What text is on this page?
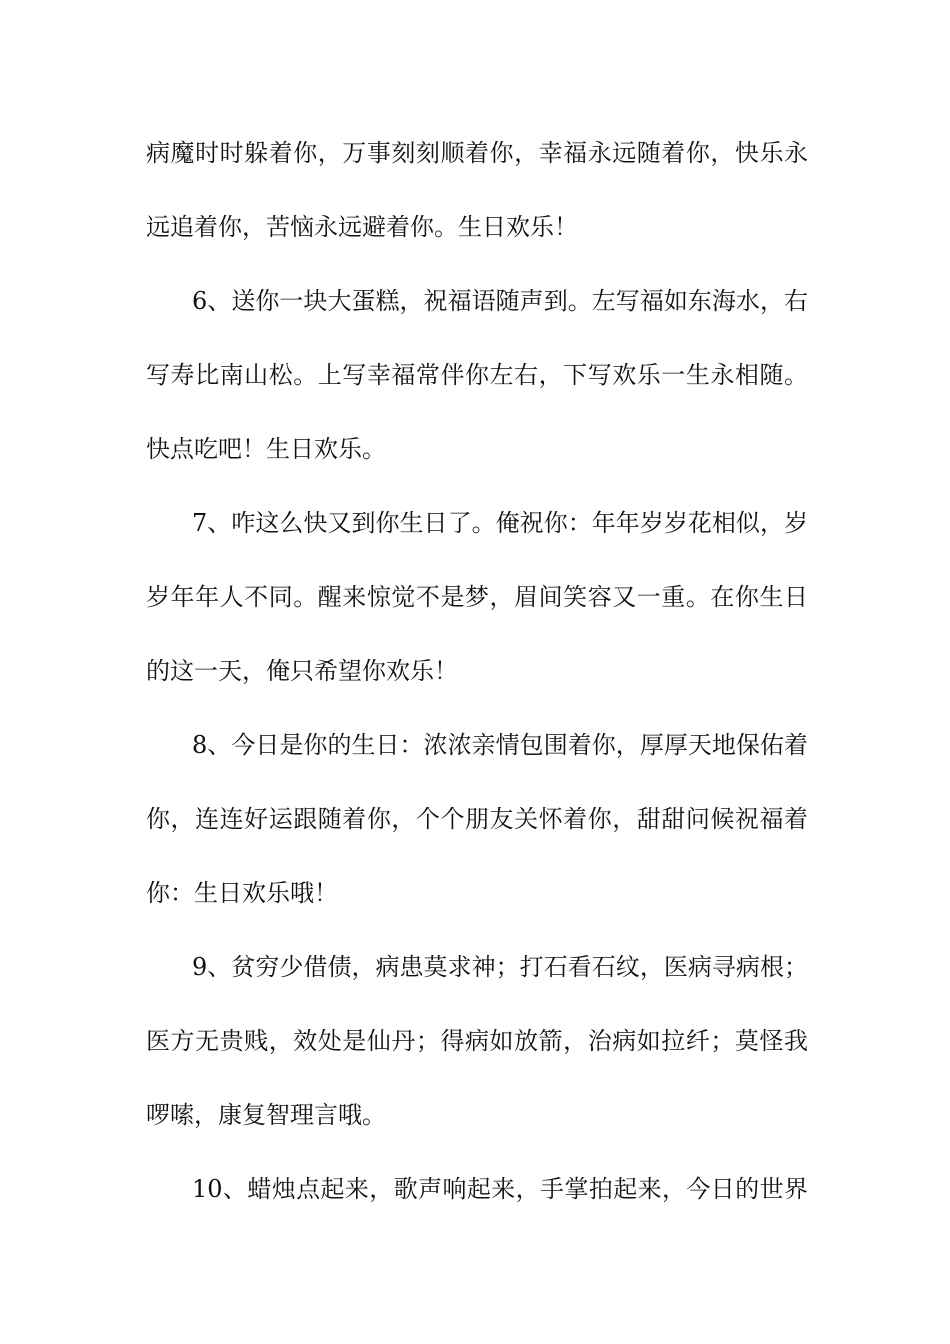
病魔时时躲着你，万事刻刻顺着你，幸福永远随着你，快乐永
远追着你，苦恼永远避着你。生日欢乐！
6、送你一块大蛋糕，祝福语随声到。左写福如东海水，右
写寿比南山松。上写幸福常伴你左右，下写欢乐一生永相随。
快点吃吧！生日欢乐。
7、咋这么快又到你生日了。俺祝你：年年岁岁花相似，岁
岁年年人不同。醒来惊觉不是梦，眉间笑容又一重。在你生日
的这一天，俺只希望你欢乐！
8、今日是你的生日：浓浓亲情包围着你，厚厚天地保佑着
你，连连好运跟随着你，个个朋友关怀着你，甜甜问候祝福着
你：生日欢乐哦！
9、贫穷少借债，病患莫求神；打石看石纹，医病寻病根；
医方无贵贱，效处是仙丹；得病如放箭，治病如拉纤；莫怪我
啰嗦，康复智理言哦。
10、蜡烛点起来，歌声响起来，手掌拍起来，今日的世界
